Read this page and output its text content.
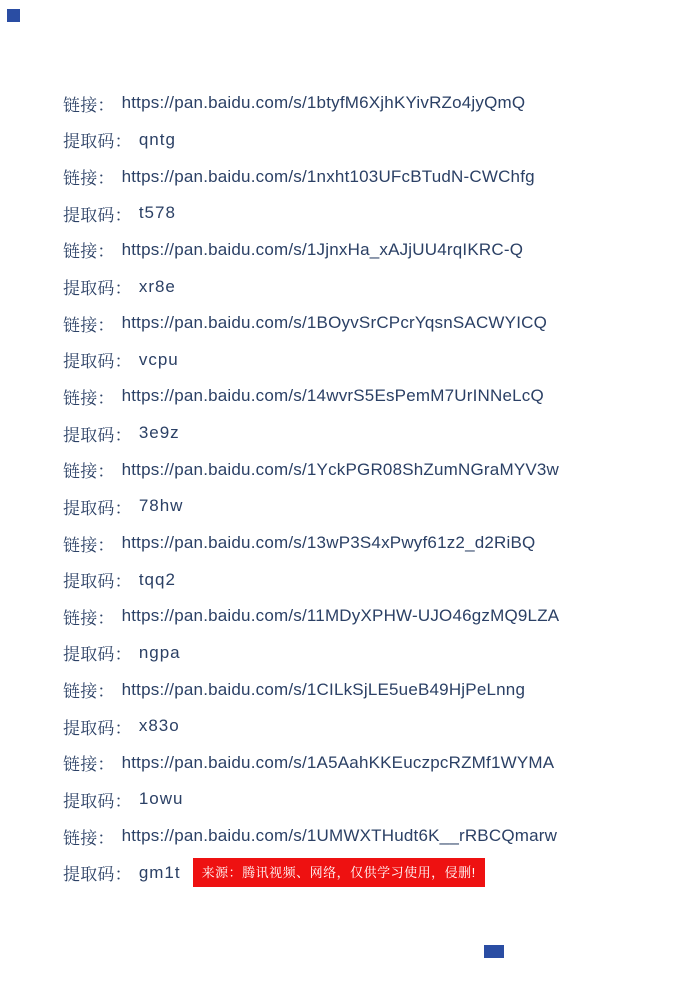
链接： https://pan.baidu.com/s/1btyfM6XjhKYivRZo4jyQmQ
提取码： qntg
链接： https://pan.baidu.com/s/1nxht103UFcBTudN-CWChfg
提取码： t578
链接： https://pan.baidu.com/s/1JjnxHa_xAJjUU4rqIKRC-Q
提取码： xr8e
链接： https://pan.baidu.com/s/1BOyvSrCPcrYqsnSACWYICQ
提取码： vcpu
链接： https://pan.baidu.com/s/14wvrS5EsPemM7UrINNeLcQ
提取码： 3e9z
链接： https://pan.baidu.com/s/1YckPGR08ShZumNGraMYV3w
提取码： 78hw
链接： https://pan.baidu.com/s/13wP3S4xPwyf61z2_d2RiBQ
提取码： tqq2
链接： https://pan.baidu.com/s/11MDyXPHW-UJO46gzMQ9LZA
提取码： ngpa
链接： https://pan.baidu.com/s/1CILkSjLE5ueB49HjPeLnng
提取码： x83o
链接： https://pan.baidu.com/s/1A5AahKKEuczpcRZMf1WYMA
提取码： 1owu
链接： https://pan.baidu.com/s/1UMWXTHudt6K__rRBCQmarw
提取码： gm1t	来源：腾讯视频、网络，仅供学习使用，侵删!
